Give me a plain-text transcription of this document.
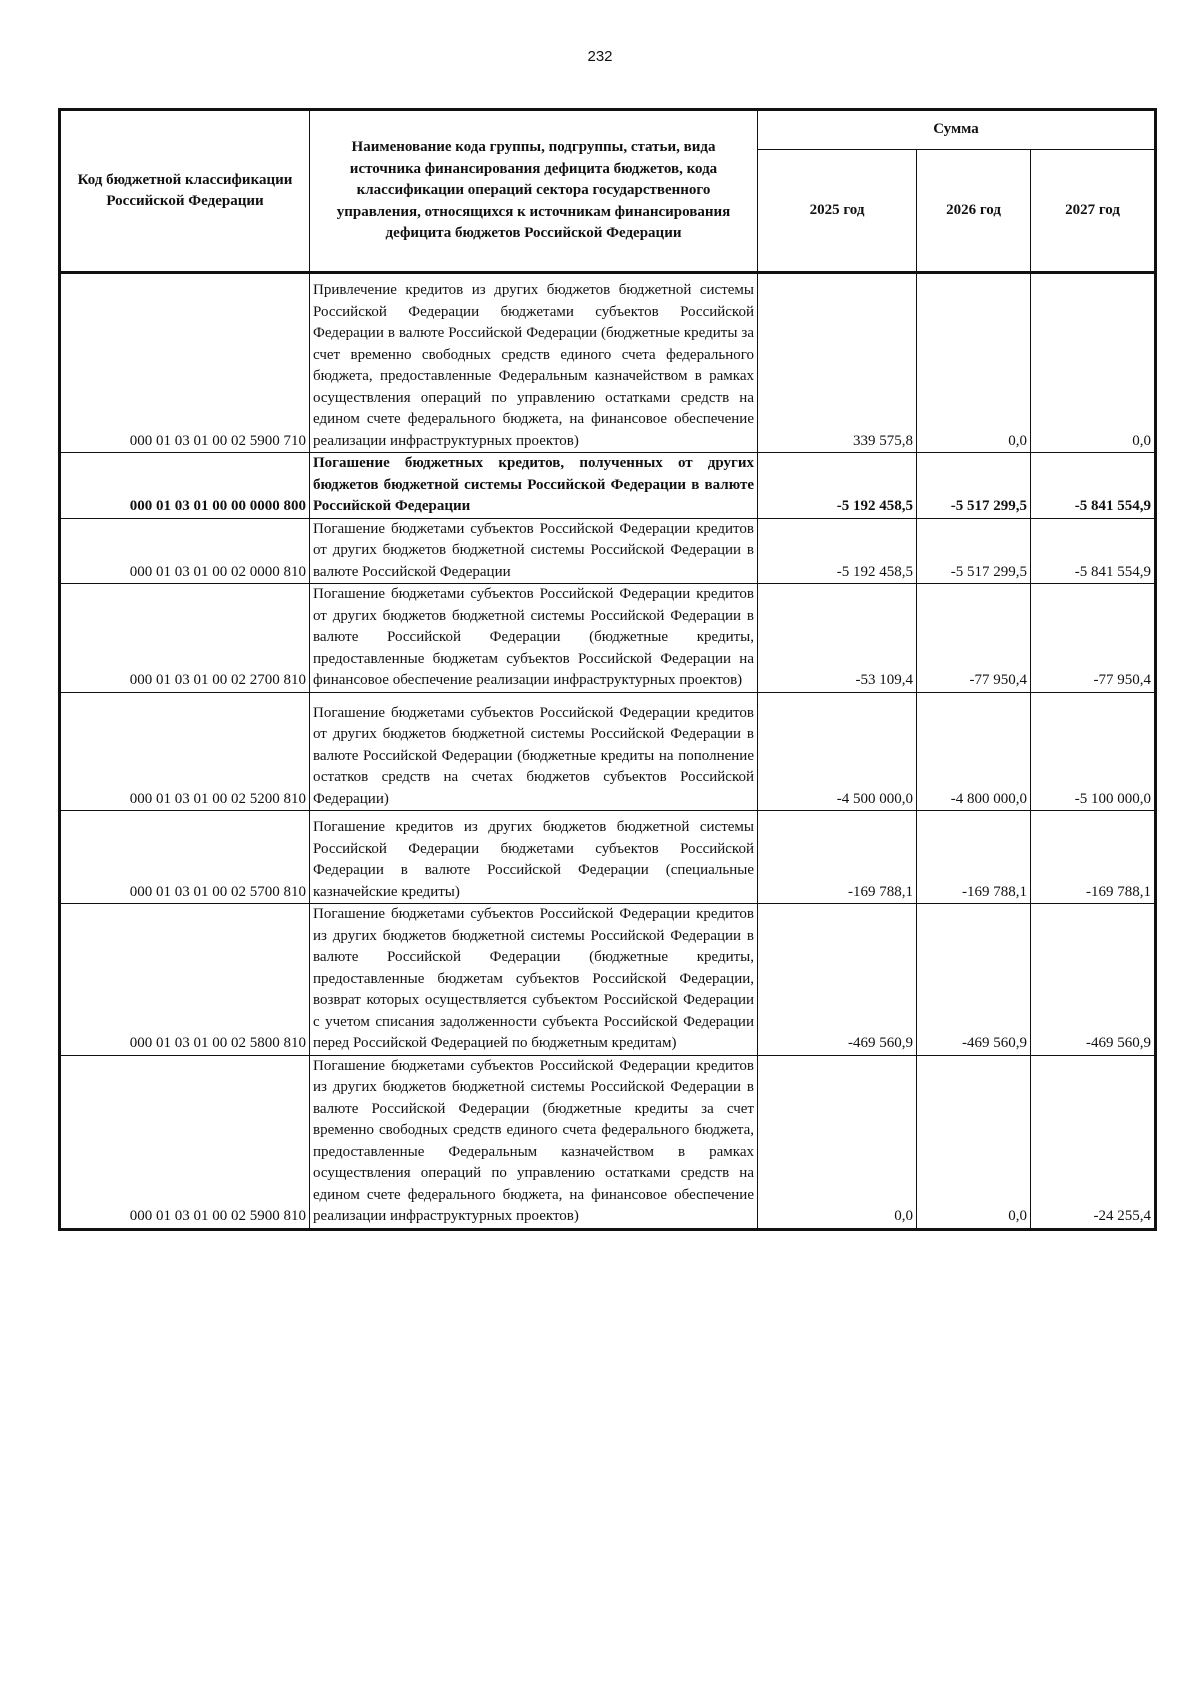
232
Код бюджетной классификации Российской Федерации	Наименование кода группы, подгруппы, статьи, вида источника финансирования дефицита бюджетов, кода классификации операций сектора государственного управления, относящихся к источникам финансирования дефицита бюджетов Российской Федерации	Сумма		
		2025 год	2026 год	2027 год
000 01 03 01 00 02 5900 710	Привлечение кредитов из других бюджетов бюджетной системы Российской Федерации бюджетами субъектов Российской Федерации в валюте Российской Федерации (бюджетные кредиты за счет временно свободных средств единого счета федерального бюджета, предоставленные Федеральным казначейством в рамках осуществления операций по управлению остатками средств на едином счете федерального бюджета, на финансовое обеспечение реализации инфраструктурных проектов)	339 575,8	0,0	0,0
000 01 03 01 00 00 0000 800	Погашение бюджетных кредитов, полученных от других бюджетов бюджетной системы Российской Федерации в валюте Российской Федерации	-5 192 458,5	-5 517 299,5	-5 841 554,9
000 01 03 01 00 02 0000 810	Погашение бюджетами субъектов Российской Федерации кредитов от других бюджетов бюджетной системы Российской Федерации в валюте Российской Федерации	-5 192 458,5	-5 517 299,5	-5 841 554,9
000 01 03 01 00 02 2700 810	Погашение бюджетами субъектов Российской Федерации кредитов от других бюджетов бюджетной системы Российской Федерации в валюте Российской Федерации (бюджетные кредиты, предоставленные бюджетам субъектов Российской Федерации на финансовое обеспечение реализации инфраструктурных проектов)	-53 109,4	-77 950,4	-77 950,4
000 01 03 01 00 02 5200 810	Погашение бюджетами субъектов Российской Федерации кредитов от других бюджетов бюджетной системы Российской Федерации в валюте Российской Федерации (бюджетные кредиты на пополнение остатков средств на счетах бюджетов субъектов Российской Федерации)	-4 500 000,0	-4 800 000,0	-5 100 000,0
000 01 03 01 00 02 5700 810	Погашение кредитов из других бюджетов бюджетной системы Российской Федерации бюджетами субъектов Российской Федерации в валюте Российской Федерации (специальные казначейские кредиты)	-169 788,1	-169 788,1	-169 788,1
000 01 03 01 00 02 5800 810	Погашение бюджетами субъектов Российской Федерации кредитов из других бюджетов бюджетной системы Российской Федерации в валюте Российской Федерации (бюджетные кредиты, предоставленные бюджетам субъектов Российской Федерации, возврат которых осуществляется субъектом Российской Федерации с учетом списания задолженности субъекта Российской Федерации перед Российской Федерацией по бюджетным кредитам)	-469 560,9	-469 560,9	-469 560,9
000 01 03 01 00 02 5900 810	Погашение бюджетами субъектов Российской Федерации кредитов из других бюджетов бюджетной системы Российской Федерации в валюте Российской Федерации (бюджетные кредиты за счет временно свободных средств единого счета федерального бюджета, предоставленные Федеральным казначейством в рамках осуществления операций по управлению остатками средств на едином счете федерального бюджета, на финансовое обеспечение реализации инфраструктурных проектов)	0,0	0,0	-24 255,4
